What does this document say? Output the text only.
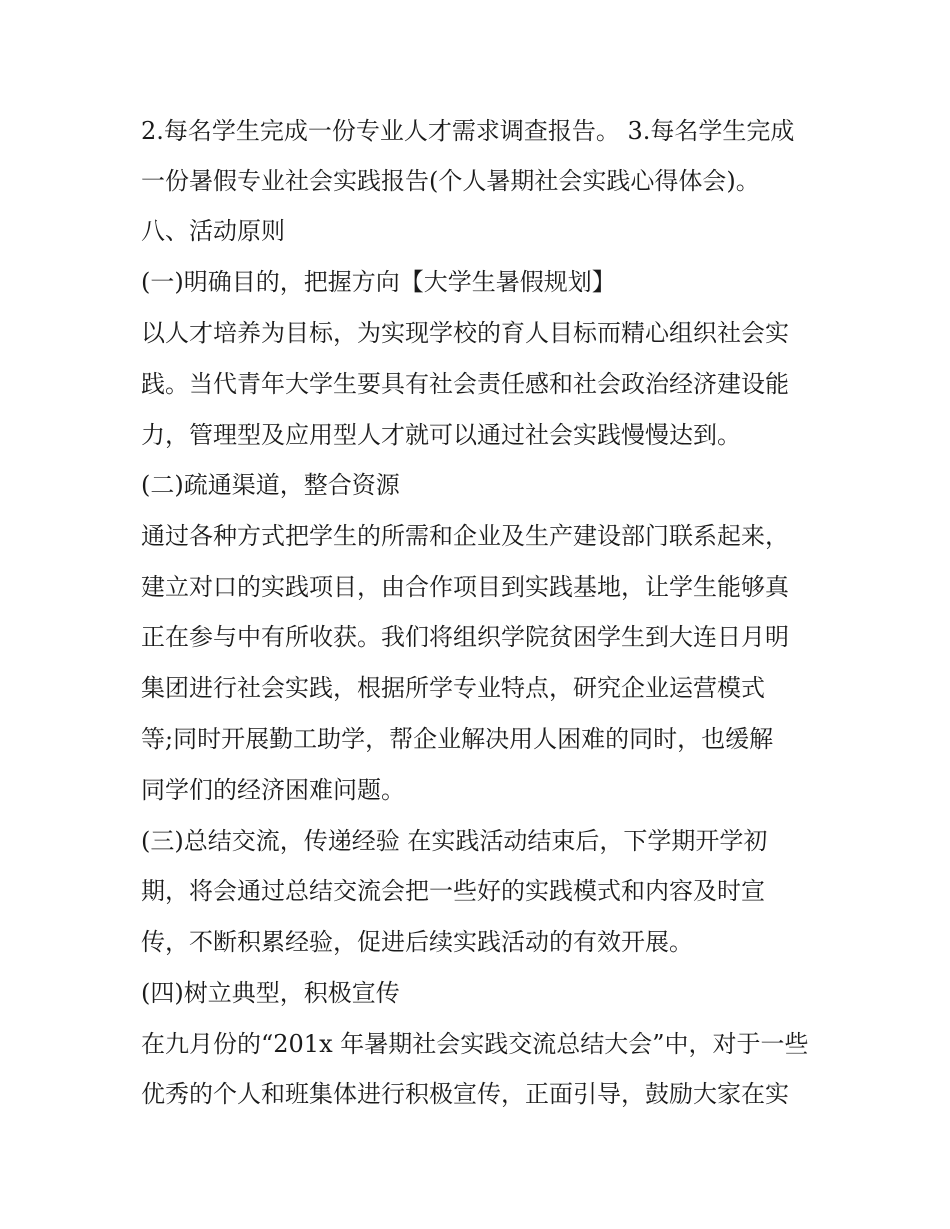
2.每名学生完成一份专业人才需求调查报告。 3.每名学生完成
一份暑假专业社会实践报告(个人暑期社会实践心得体会)。
八、活动原则
(一)明确目的，把握方向【大学生暑假规划】
以人才培养为目标，为实现学校的育人目标而精心组织社会实
践。当代青年大学生要具有社会责任感和社会政治经济建设能
力，管理型及应用型人才就可以通过社会实践慢慢达到。
(二)疏通渠道，整合资源
通过各种方式把学生的所需和企业及生产建设部门联系起来，
建立对口的实践项目，由合作项目到实践基地，让学生能够真
正在参与中有所收获。我们将组织学院贫困学生到大连日月明
集团进行社会实践，根据所学专业特点，研究企业运营模式
等;同时开展勤工助学，帮企业解决用人困难的同时，也缓解
同学们的经济困难问题。
(三)总结交流，传递经验 在实践活动结束后，下学期开学初
期，将会通过总结交流会把一些好的实践模式和内容及时宣
传，不断积累经验，促进后续实践活动的有效开展。
(四)树立典型，积极宣传
在九月份的“201x 年暑期社会实践交流总结大会”中，对于一些
优秀的个人和班集体进行积极宣传，正面引导，鼓励大家在实
